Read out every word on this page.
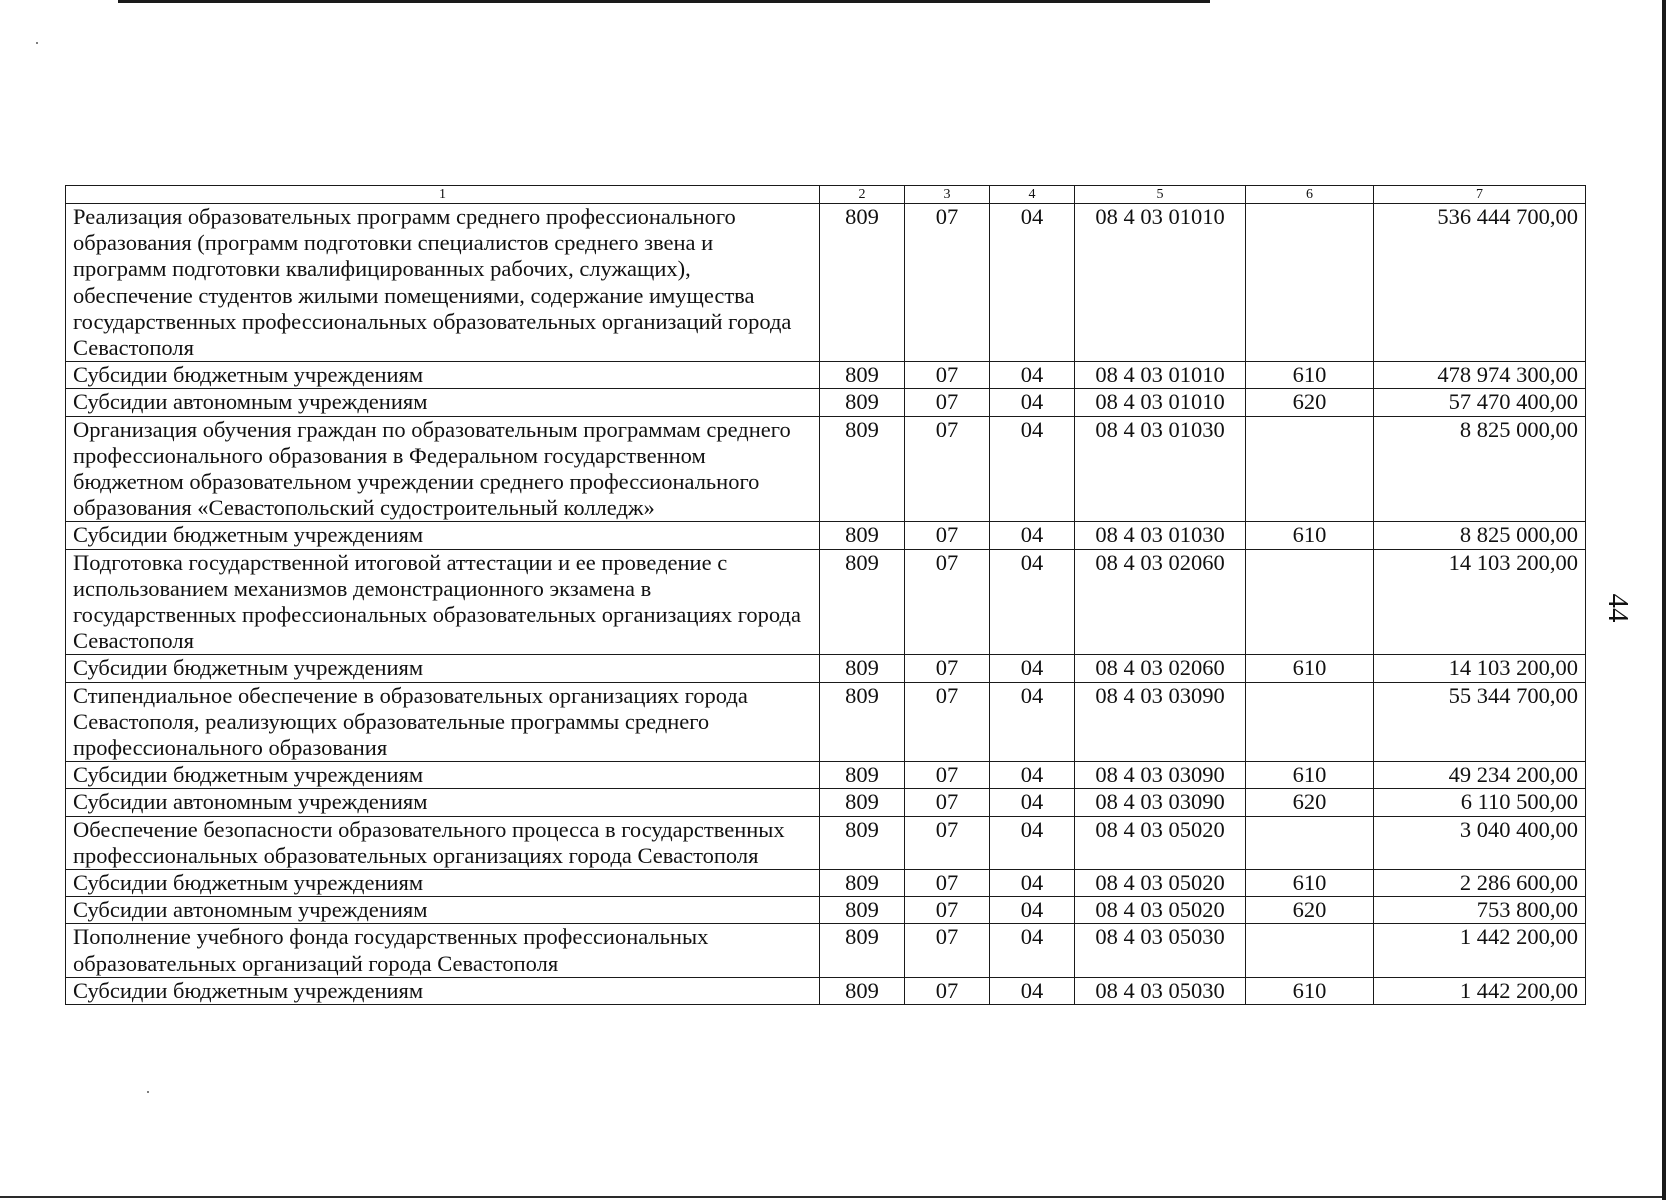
1	2	3	4	5	6	7
Реализация образовательных программ среднего профессионального образования (программ подготовки специалистов среднего звена и программ подготовки квалифицированных рабочих, служащих), обеспечение студентов жилыми помещениями, содержание имущества государственных профессиональных образовательных организаций города Севастополя	809	07	04	08 4 03 01010		536 444 700,00
Субсидии бюджетным учреждениям	809	07	04	08 4 03 01010	610	478 974 300,00
Субсидии автономным учреждениям	809	07	04	08 4 03 01010	620	57 470 400,00
Организация обучения граждан по образовательным программам среднего профессионального образования в Федеральном государственном бюджетном образовательном учреждении среднего профессионального образования «Севастопольский судостроительный колледж»	809	07	04	08 4 03 01030		8 825 000,00
Субсидии бюджетным учреждениям	809	07	04	08 4 03 01030	610	8 825 000,00
Подготовка государственной итоговой аттестации и ее проведение с использованием механизмов демонстрационного экзамена в государственных профессиональных образовательных организациях города Севастополя	809	07	04	08 4 03 02060		14 103 200,00
Субсидии бюджетным учреждениям	809	07	04	08 4 03 02060	610	14 103 200,00
Стипендиальное обеспечение в образовательных организациях города Севастополя, реализующих образовательные программы среднего профессионального образования	809	07	04	08 4 03 03090		55 344 700,00
Субсидии бюджетным учреждениям	809	07	04	08 4 03 03090	610	49 234 200,00
Субсидии автономным учреждениям	809	07	04	08 4 03 03090	620	6 110 500,00
Обеспечение безопасности образовательного процесса в государственных профессиональных образовательных организациях города Севастополя	809	07	04	08 4 03 05020		3 040 400,00
Субсидии бюджетным учреждениям	809	07	04	08 4 03 05020	610	2 286 600,00
Субсидии автономным учреждениям	809	07	04	08 4 03 05020	620	753 800,00
Пополнение учебного фонда государственных профессиональных образовательных организаций города Севастополя	809	07	04	08 4 03 05030		1 442 200,00
Субсидии бюджетным учреждениям	809	07	04	08 4 03 05030	610	1 442 200,00
44
